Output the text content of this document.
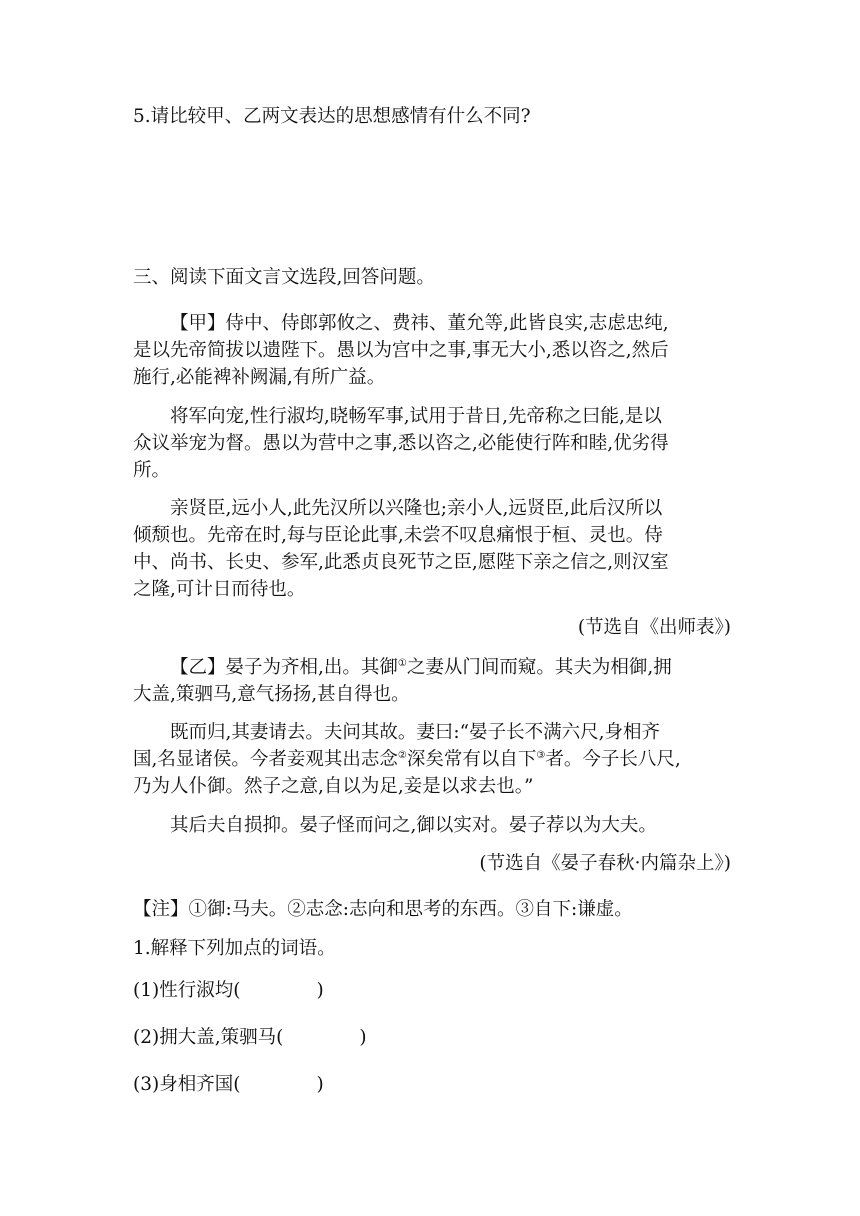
5.请比较甲、乙两文表达的思想感情有什么不同?
三、阅读下面文言文选段,回答问题。
【甲】侍中、侍郎郭攸之、费祎、董允等,此皆良实,志虑忠纯,
是以先帝简拔以遗陛下。愚以为宫中之事,事无大小,悉以咨之,然后
施行,必能裨补阙漏,有所广益。
将军向宠,性行淑均,晓畅军事,试用于昔日,先帝称之曰能,是以
众议举宠为督。愚以为营中之事,悉以咨之,必能使行阵和睦,优劣得
所。
亲贤臣,远小人,此先汉所以兴隆也;亲小人,远贤臣,此后汉所以
倾颓也。先帝在时,每与臣论此事,未尝不叹息痛恨于桓、灵也。侍
中、尚书、长史、参军,此悉贞良死节之臣,愿陛下亲之信之,则汉室
之隆,可计日而待也。
(节选自《出师表》)
【乙】晏子为齐相,出。其御①之妻从门间而窥。其夫为相御,拥
大盖,策驷马,意气扬扬,甚自得也。
既而归,其妻请去。夫问其故。妻曰:“晏子长不满六尺,身相齐
国,名显诸侯。今者妾观其出志念②深矣常有以自下③者。今子长八尺,
乃为人仆御。然子之意,自以为足,妾是以求去也。”
其后夫自损抑。晏子怪而问之,御以实对。晏子荐以为大夫。
(节选自《晏子春秋·内篇杂上》)
【注】①御:马夫。②志念:志向和思考的东西。③自下:谦虚。
1.解释下列加点的词语。
(1)性行淑均(	)
(2)拥大盖,策驷马(	)
(3)身相齐国(	)
